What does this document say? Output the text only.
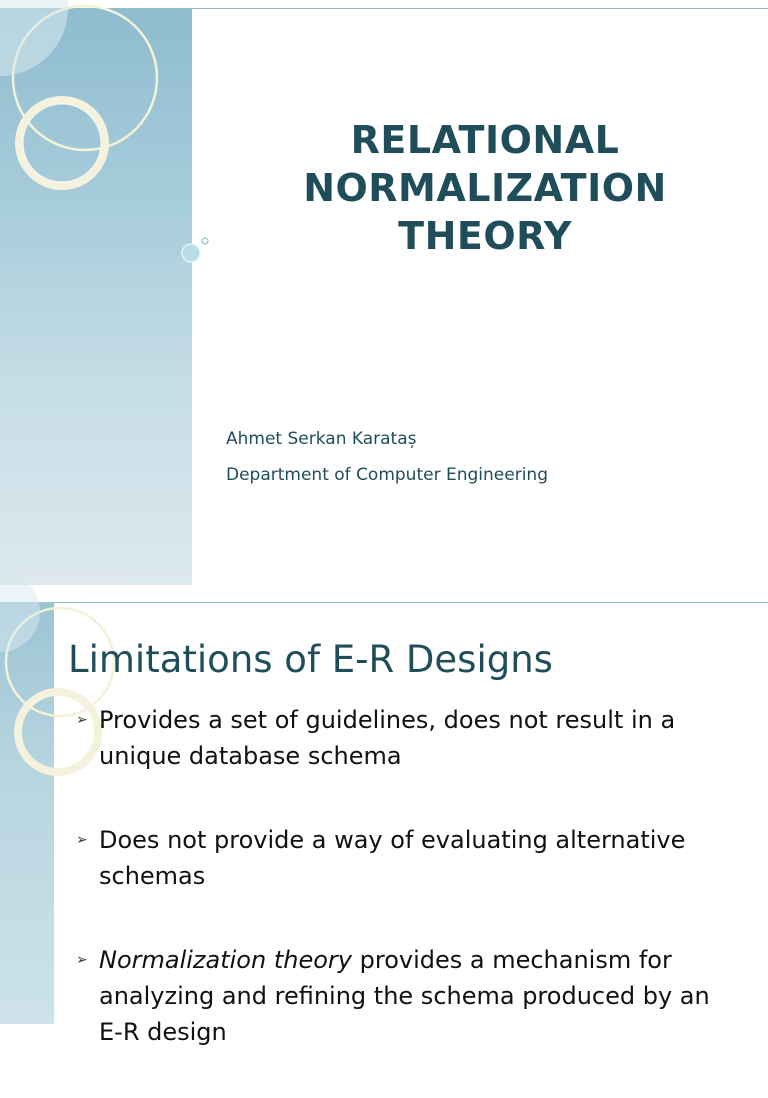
RELATIONAL
NORMALIZATION
THEORY
Ahmet Serkan Karataș
Department of Computer Engineering
Limitations of E-R Designs
➢ Provides a set of guidelines, does not result in a unique database schema
➢ Does not provide a way of evaluating alternative schemas
➢ Normalization theory provides a mechanism for analyzing and refining the schema produced by an E-R design
